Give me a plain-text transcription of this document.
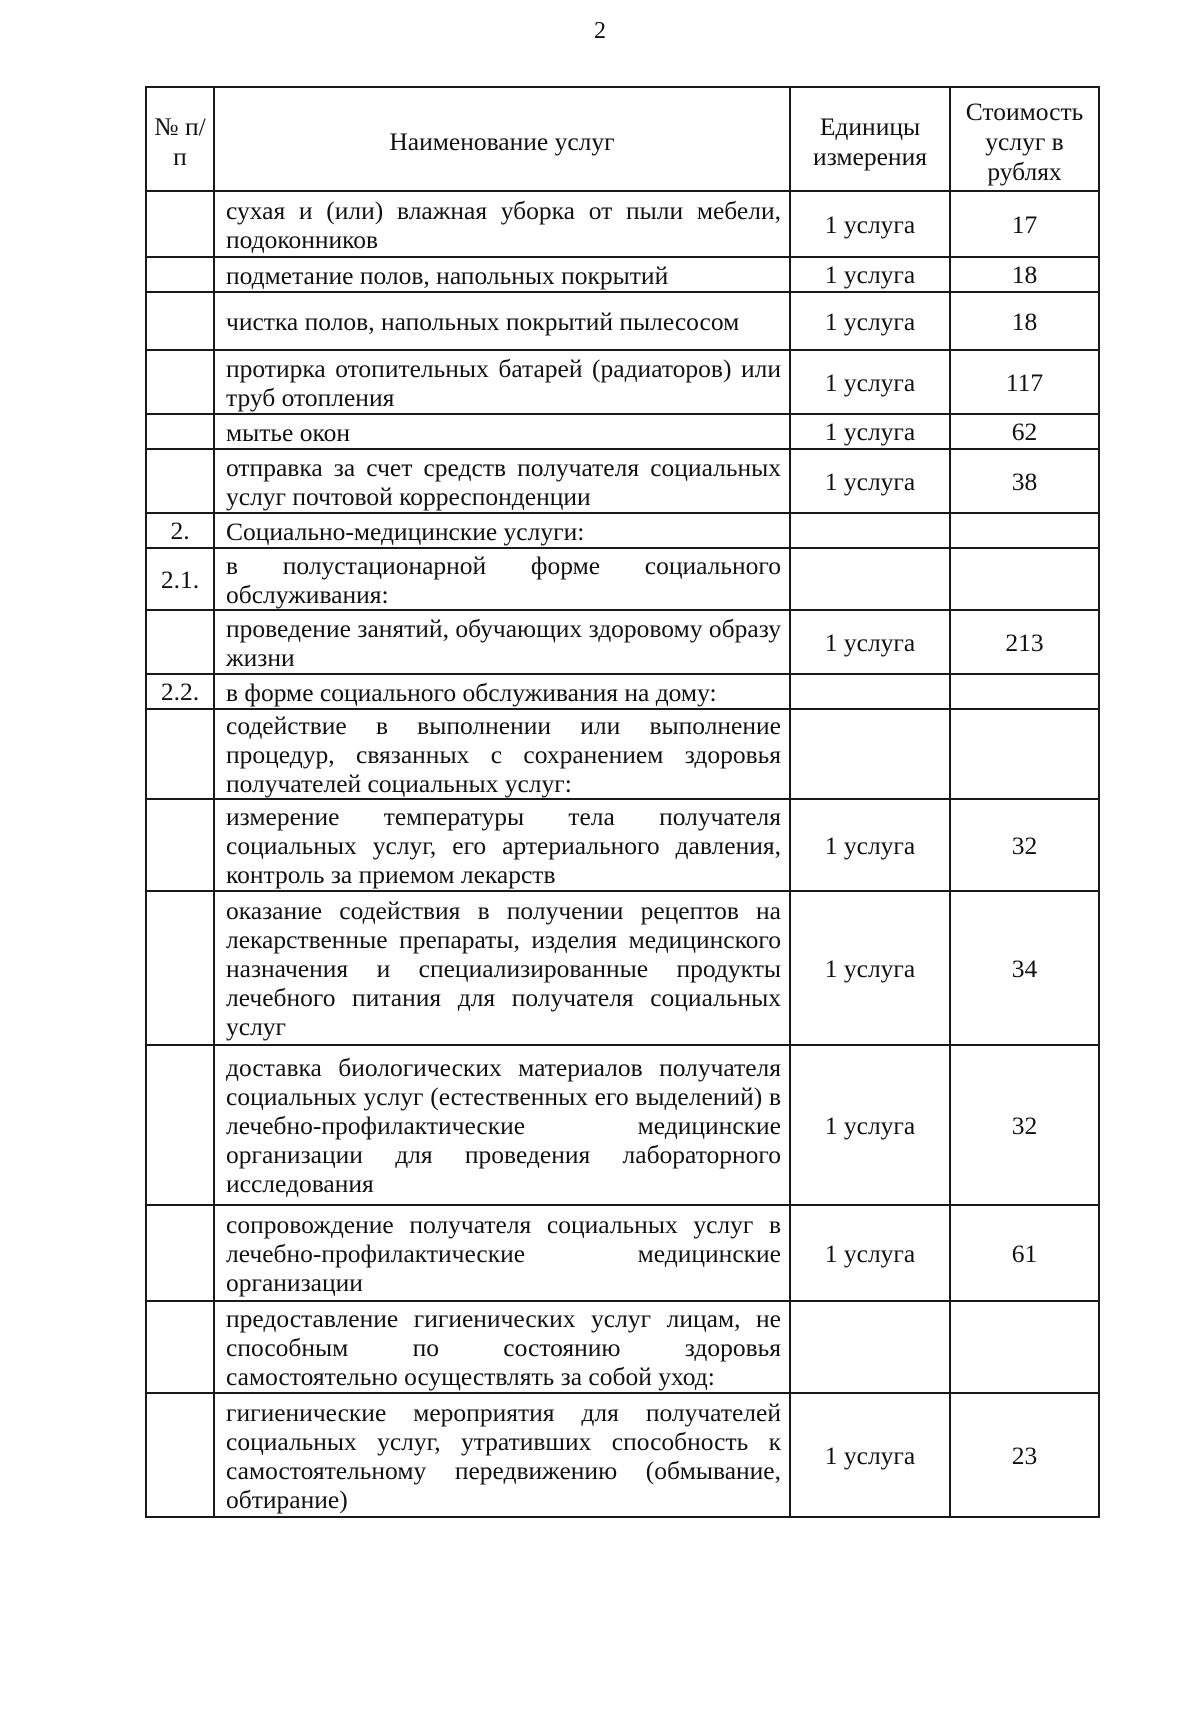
2
№ п/п	Наименование услуг	Единицы измерения	Стоимость услуг в рублях
	сухая и (или) влажная уборка от пыли мебели, подоконников	1 услуга	17
	подметание полов, напольных покрытий	1 услуга	18
	чистка полов, напольных покрытий пылесосом	1 услуга	18
	протирка отопительных батарей (радиаторов) или труб отопления	1 услуга	117
	мытье окон	1 услуга	62
	отправка за счет средств получателя социальных услуг почтовой корреспонденции	1 услуга	38
2.	Социально-медицинские услуги:		
2.1.	в полустационарной форме социального обслуживания:		
	проведение занятий, обучающих здоровому образу жизни	1 услуга	213
2.2.	в форме социального обслуживания на дому:		
	содействие в выполнении или выполнение процедур, связанных с сохранением здоровья получателей социальных услуг:		
	измерение температуры тела получателя социальных услуг, его артериального давления, контроль за приемом лекарств	1 услуга	32
	оказание содействия в получении рецептов на лекарственные препараты, изделия медицинского назначения и специализированные продукты лечебного питания для получателя социальных услуг	1 услуга	34
	доставка биологических материалов получателя социальных услуг (естественных его выделений) в лечебно-профилактические медицинские организации для проведения лабораторного исследования	1 услуга	32
	сопровождение получателя социальных услуг в лечебно-профилактические медицинские организации	1 услуга	61
	предоставление гигиенических услуг лицам, не способным по состоянию здоровья самостоятельно осуществлять за собой уход:		
	гигиенические мероприятия для получателей социальных услуг, утративших способность к самостоятельному передвижению (обмывание, обтирание)	1 услуга	23
